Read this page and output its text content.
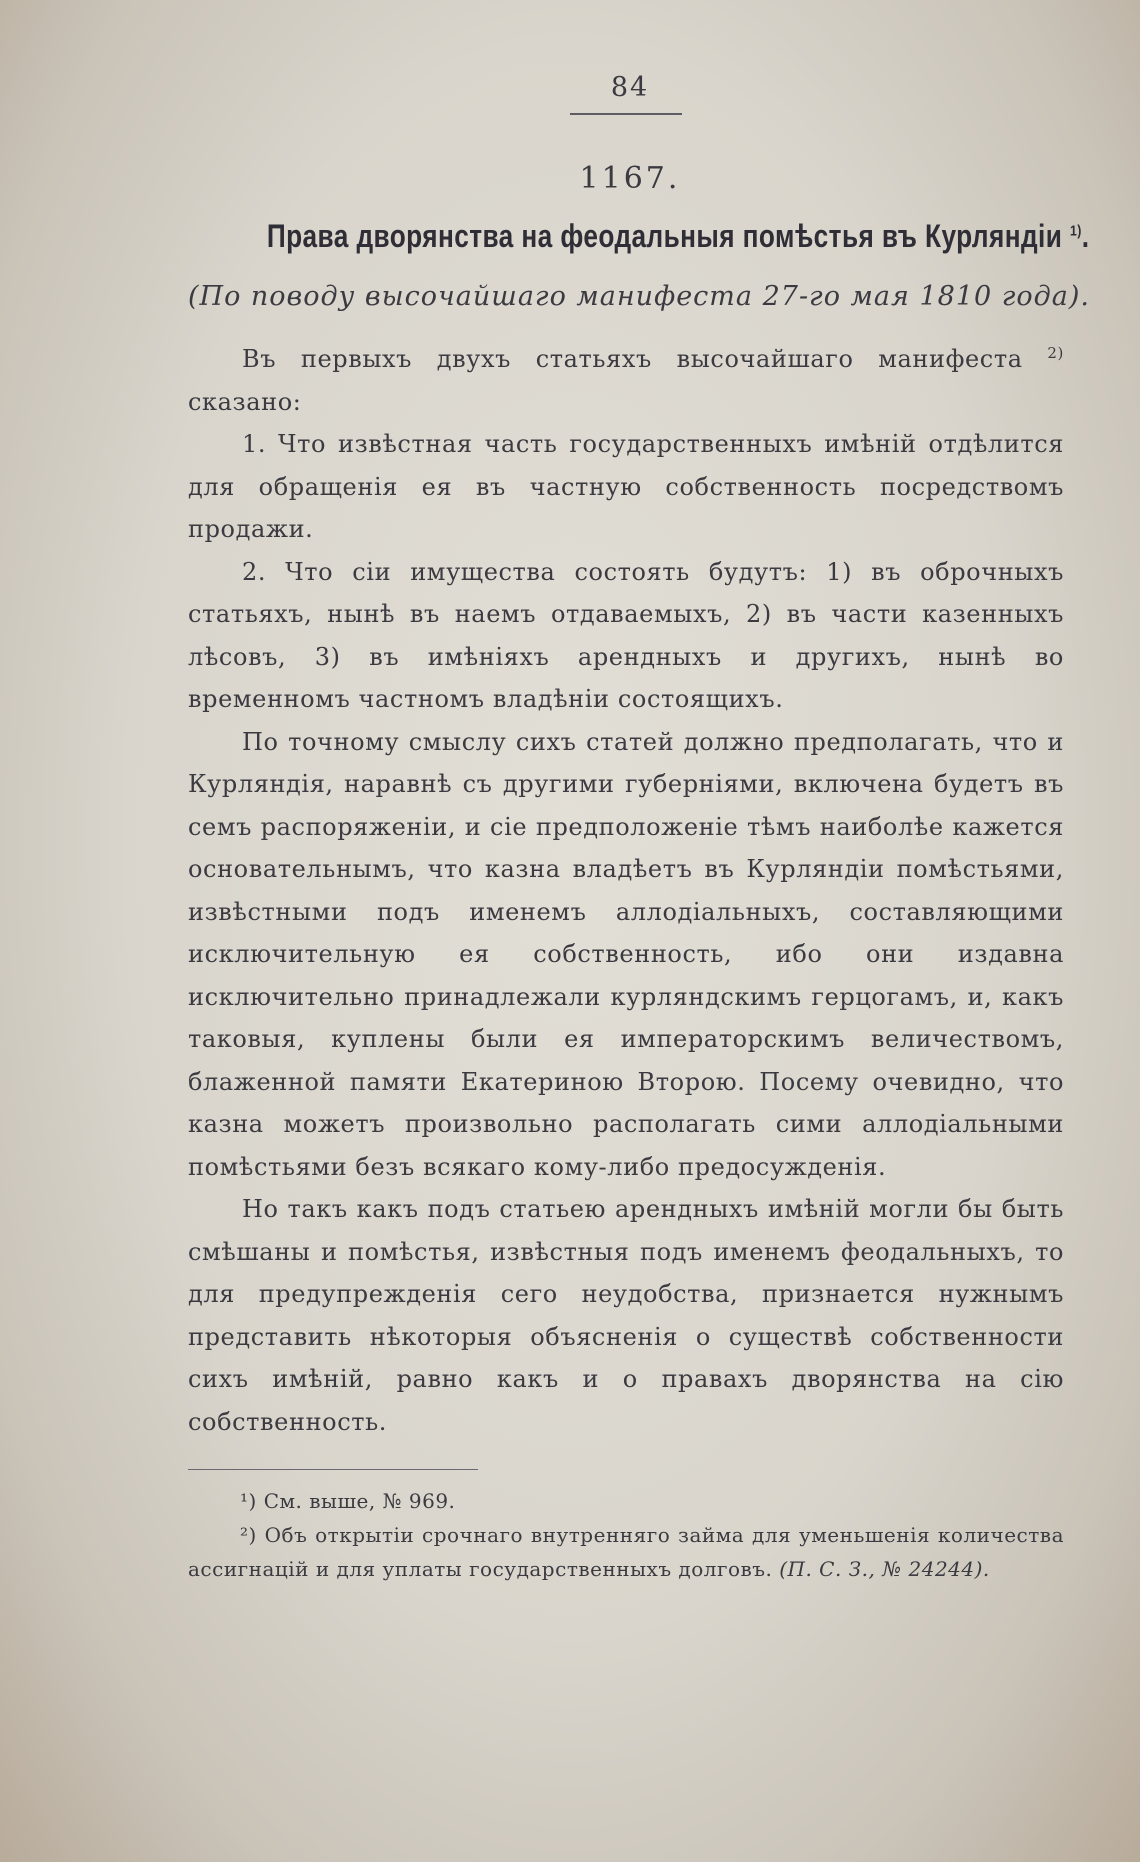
84
1167.
Права дворянства на феодальныя помѣстья въ Курляндіи $^{1)}$.
(По поводу высочайшаго манифеста 27-го мая 1810 года).

Въ первыхъ двухъ статьяхъ высочайшаго манифеста $^{2)}$ сказано:

1. Что извѣстная часть государственныхъ имѣній отдѣлится для обращенія ея въ частную собственность посредствомъ продажи.

2. Что сіи имущества состоять будутъ: 1) въ оброчныхъ статьяхъ, нынѣ въ наемъ отдаваемыхъ, 2) въ части казенныхъ лѣсовъ, 3) въ имѣніяхъ арендныхъ и другихъ, нынѣ во временномъ частномъ владѣніи состоящихъ.

По точному смыслу сихъ статей должно предполагать, что и Курляндія, наравнѣ съ другими губерніями, включена будетъ въ семъ распоряженіи, и сіе предположеніе тѣмъ наиболѣе кажется основательнымъ, что казна владѣетъ въ Курляндіи помѣстьями, извѣстными подъ именемъ аллодіальныхъ, составляющими исключительную ея собственность, ибо они издавна исключительно принадлежали курляндскимъ герцогамъ, и, какъ таковыя, куплены были ея императорскимъ величествомъ, блаженной памяти Екатериною Второю. Посему очевидно, что казна можетъ произвольно располагать сими аллодіальными помѣстьями безъ всякаго кому-либо предосужденія.

Но такъ какъ подъ статьею арендныхъ имѣній могли бы быть смѣшаны и помѣстья, извѣстныя подъ именемъ феодальныхъ, то для предупрежденія сего неудобства, признается нужнымъ представить нѣкоторыя объясненія о существѣ собственности сихъ имѣній, равно какъ и о правахъ дворянства на сію собственность.

¹) См. выше, № 969.

²) Объ открытіи срочнаго внутренняго займа для уменьшенія количества ассигнацій и для уплаты государственныхъ долговъ. (П. С. З., № 24244).
